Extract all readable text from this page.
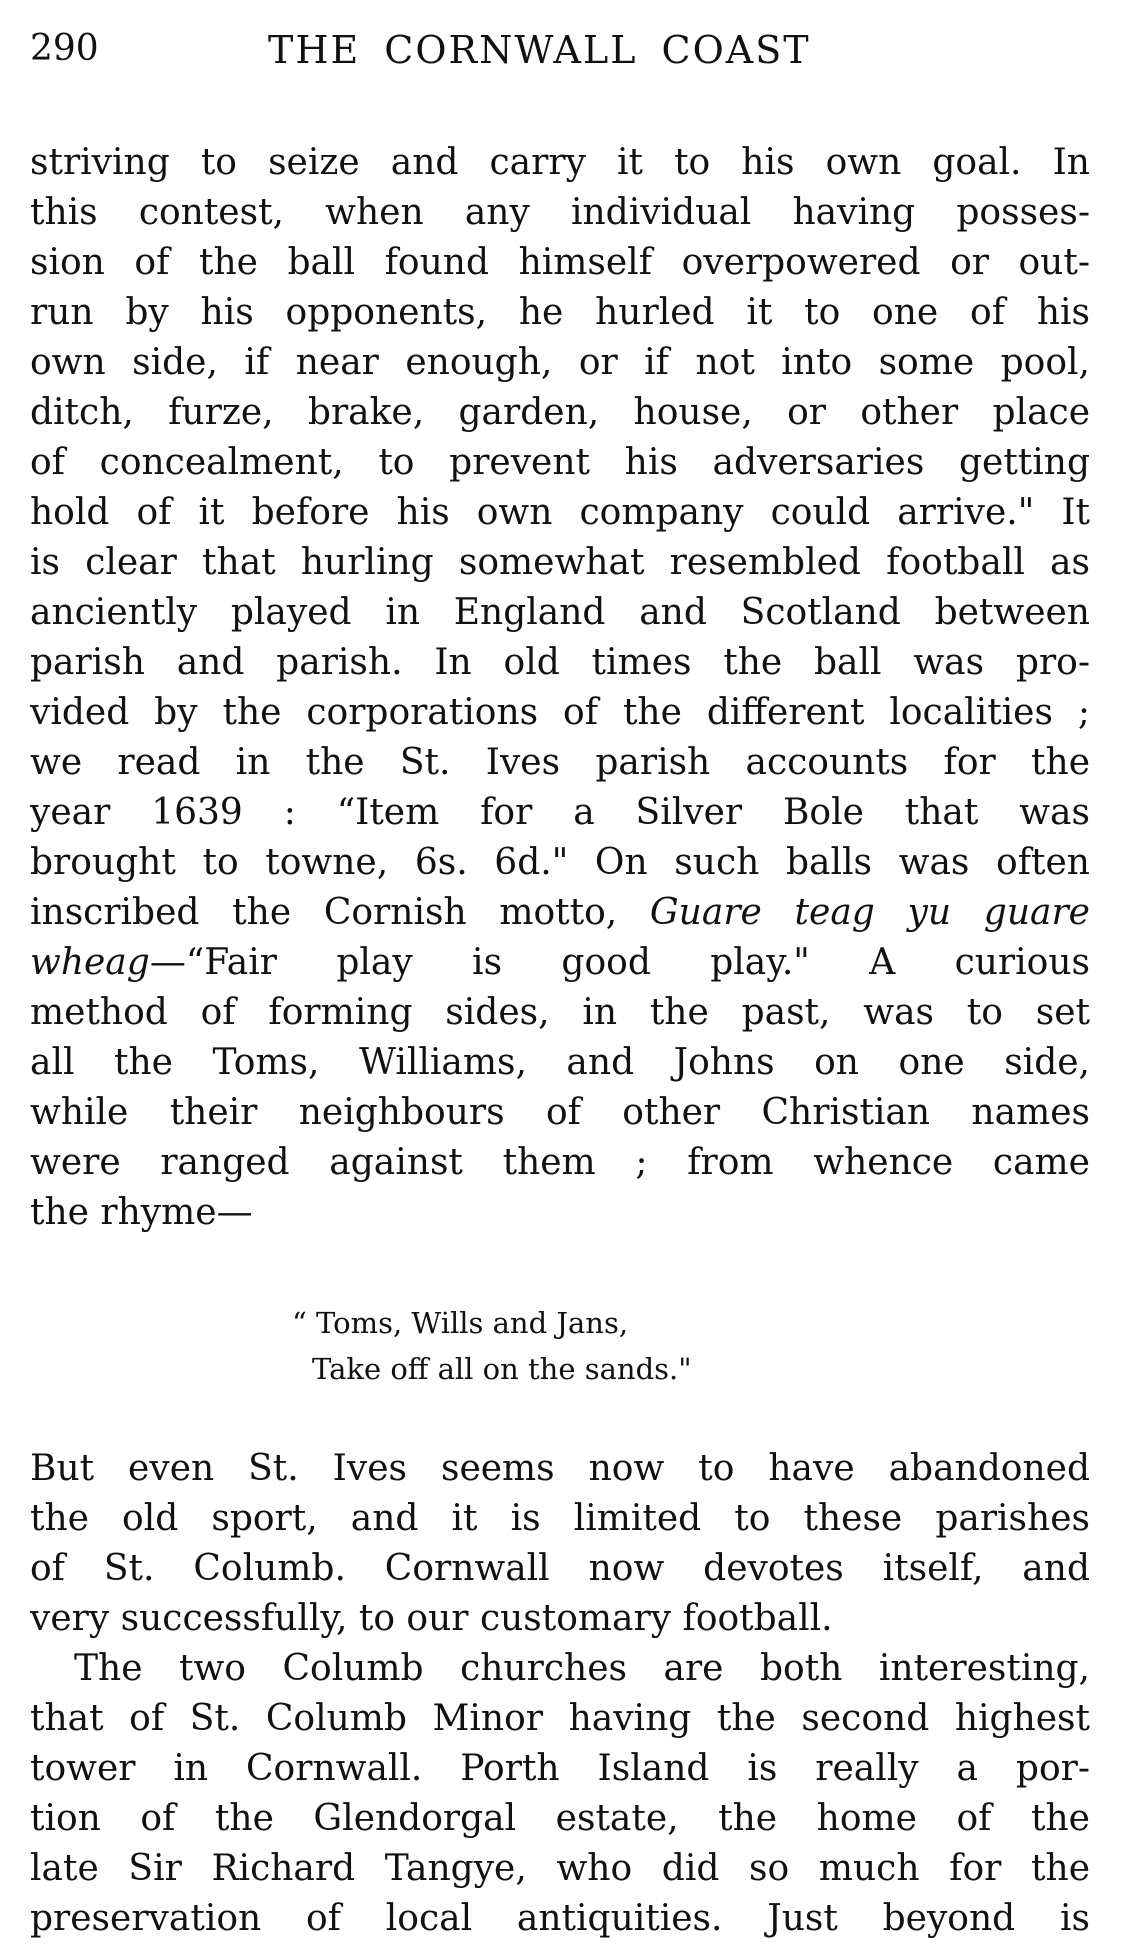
290	THE CORNWALL COAST

striving to seize and carry it to his own goal. In
this contest, when any individual having posses-
sion of the ball found himself overpowered or out-
run by his opponents, he hurled it to one of his
own side, if near enough, or if not into some pool,
ditch, furze, brake, garden, house, or other place
of concealment, to prevent his adversaries getting
hold of it before his own company could arrive." It
is clear that hurling somewhat resembled football as
anciently played in England and Scotland between
parish and parish. In old times the ball was pro-
vided by the corporations of the different localities ;
we read in the St. Ives parish accounts for the
year 1639 : “Item for a Silver Bole that was
brought to towne, 6s. 6d." On such balls was often
inscribed the Cornish motto, Guare teag yu guare
wheag—“Fair play is good play." A curious
method of forming sides, in the past, was to set
all the Toms, Williams, and Johns on one side,
while their neighbours of other Christian names
were ranged against them ; from whence came
the rhyme—

“ Toms, Wills and Jans,
Take off all on the sands."

But even St. Ives seems now to have abandoned
the old sport, and it is limited to these parishes
of St. Columb. Cornwall now devotes itself, and
very successfully, to our customary football.

The two Columb churches are both interesting,
that of St. Columb Minor having the second highest
tower in Cornwall. Porth Island is really a por-
tion of the Glendorgal estate, the home of the
late Sir Richard Tangye, who did so much for the
preservation of local antiquities. Just beyond is
